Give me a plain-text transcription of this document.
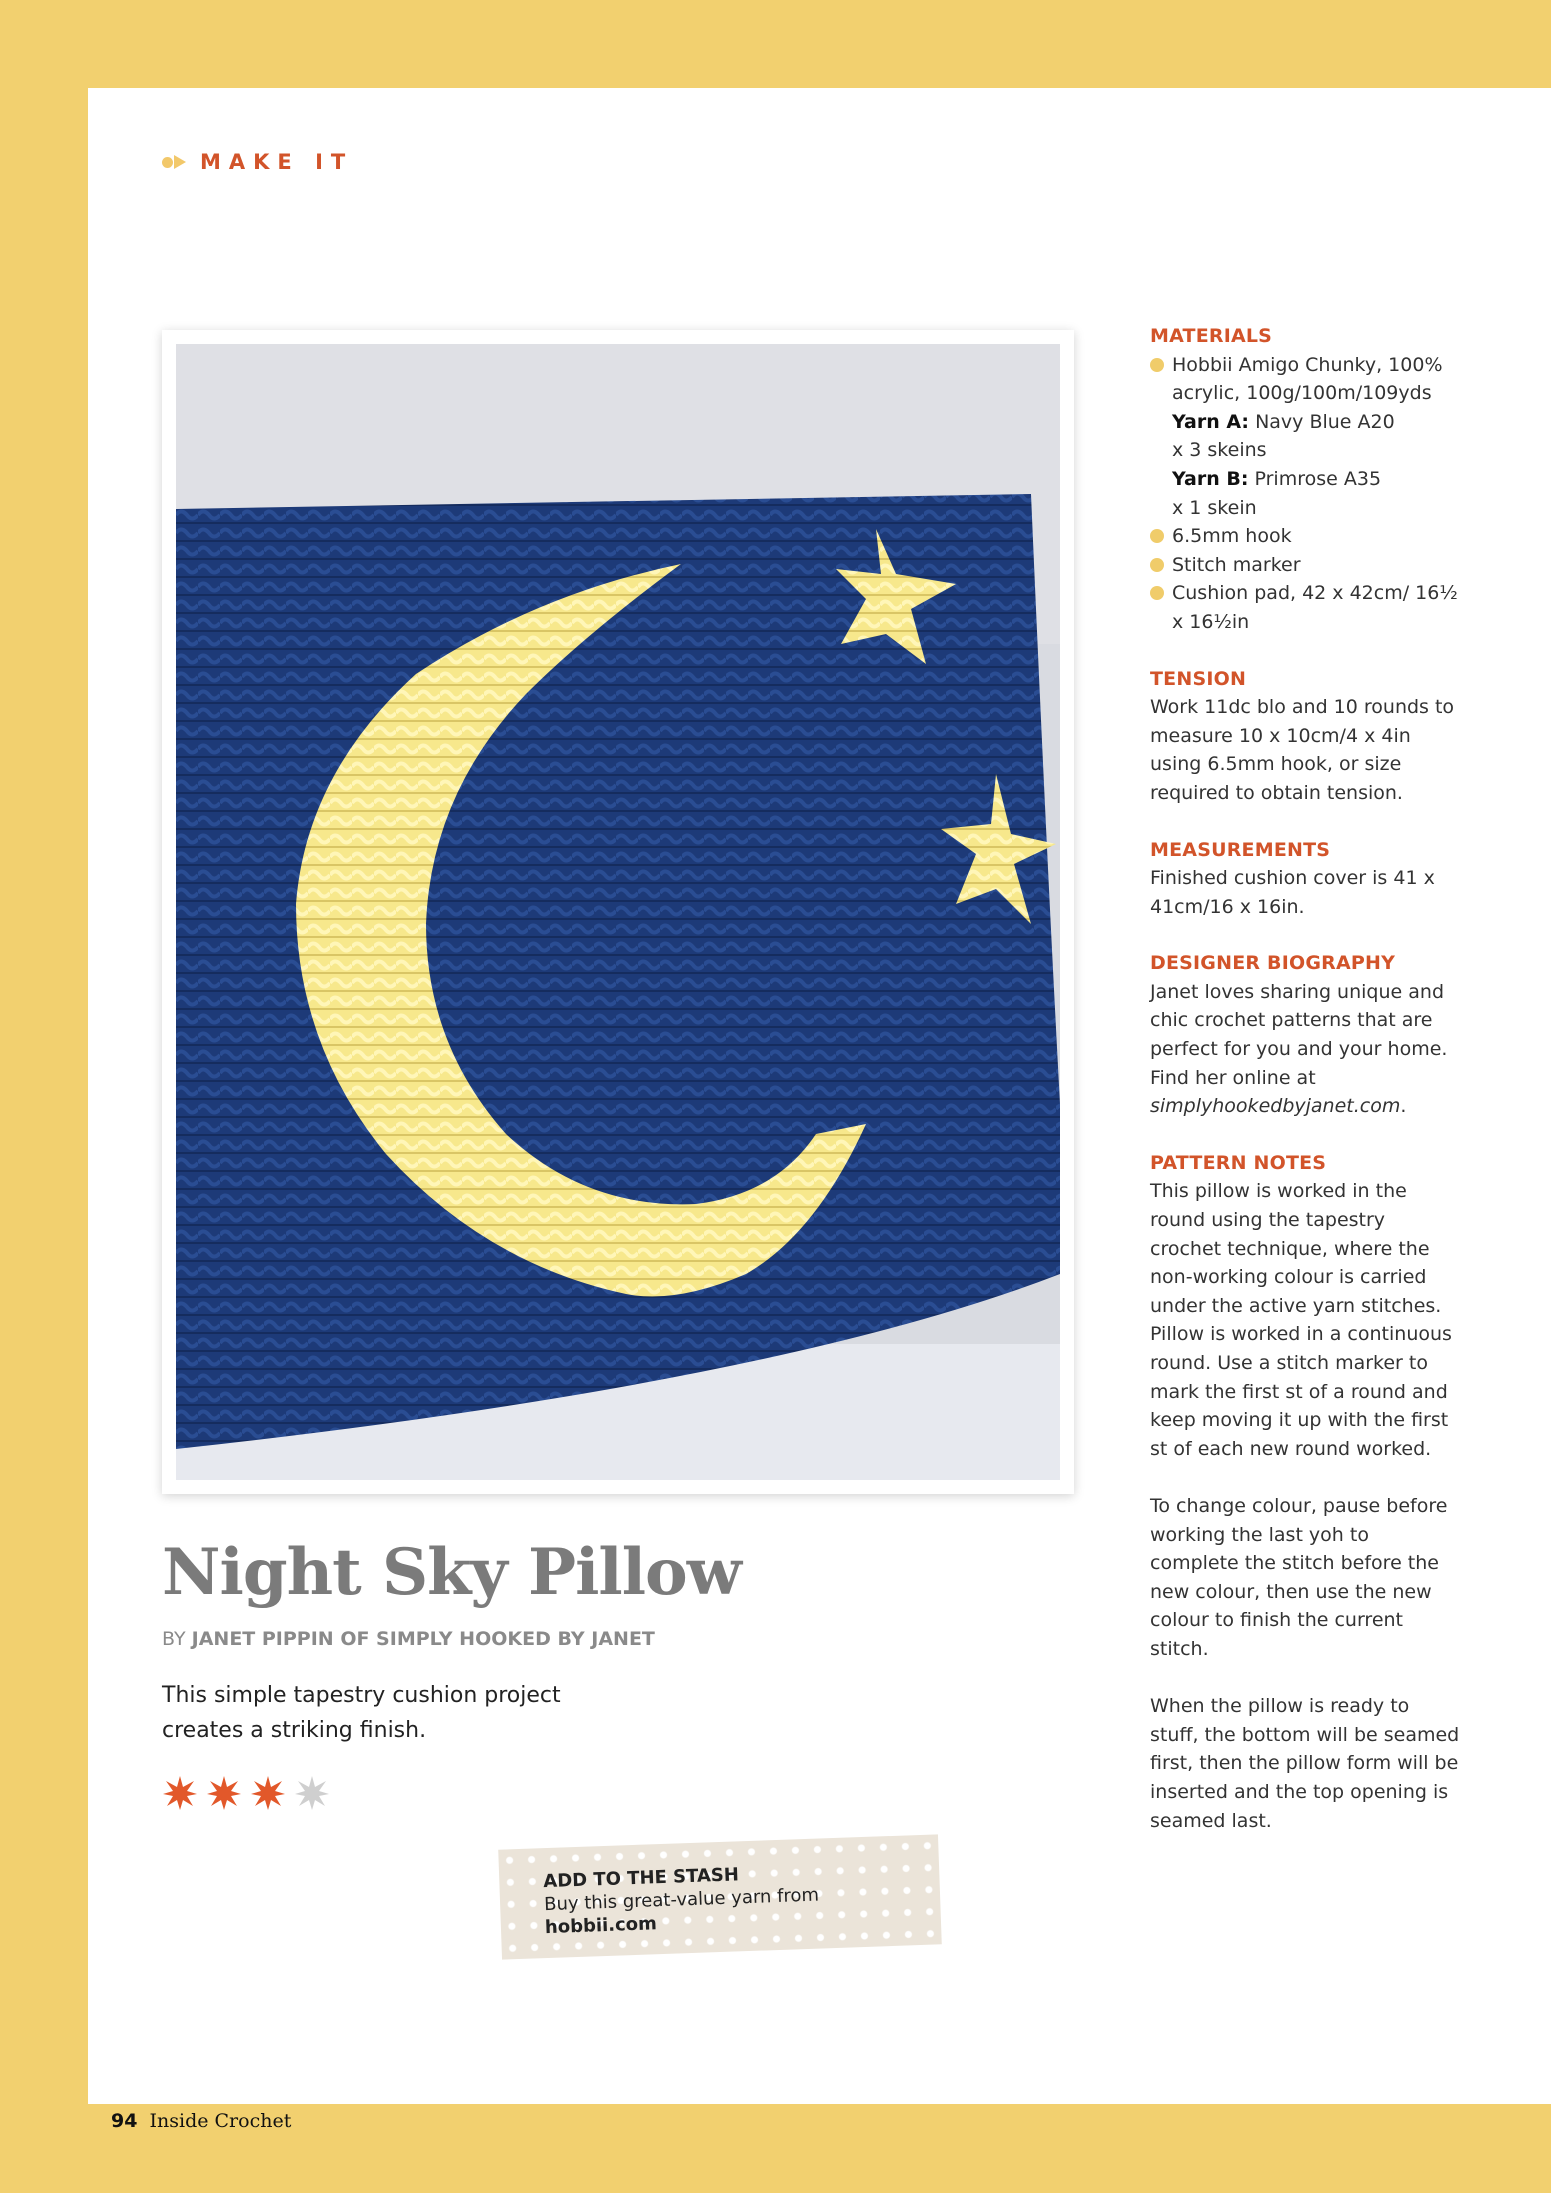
MAKE IT
Night Sky Pillow
BY JANET PIPPIN OF SIMPLY HOOKED BY JANET
This simple tapestry cushion project creates a striking finish.
ADD TO THE STASH
Buy this great-value yarn from
hobbii.com
MATERIALS
Hobbii Amigo Chunky, 100% acrylic, 100g/100m/109yds
Yarn A: Navy Blue A20
x 3 skeins
Yarn B: Primrose A35
x 1 skein
6.5mm hook
Stitch marker
Cushion pad, 42 x 42cm/ 16½ x 16½in
TENSION

Work 11dc blo and 10 rounds to measure 10 x 10cm/4 x 4in using 6.5mm hook, or size required to obtain tension.

MEASUREMENTS

Finished cushion cover is 41 x 41cm/16 x 16in.

DESIGNER BIOGRAPHY

Janet loves sharing unique and chic crochet patterns that are perfect for you and your home. Find her online at simplyhookedbyjanet.com.

PATTERN NOTES

This pillow is worked in the round using the tapestry crochet technique, where the non-working colour is carried under the active yarn stitches. Pillow is worked in a continuous round. Use a stitch marker to mark the first st of a round and keep moving it up with the first st of each new round worked.

To change colour, pause before working the last yoh to complete the stitch before the new colour, then use the new colour to finish the current stitch.

When the pillow is ready to stuff, the bottom will be seamed first, then the pillow form will be inserted and the top opening is seamed last.

94 Inside Crochet
